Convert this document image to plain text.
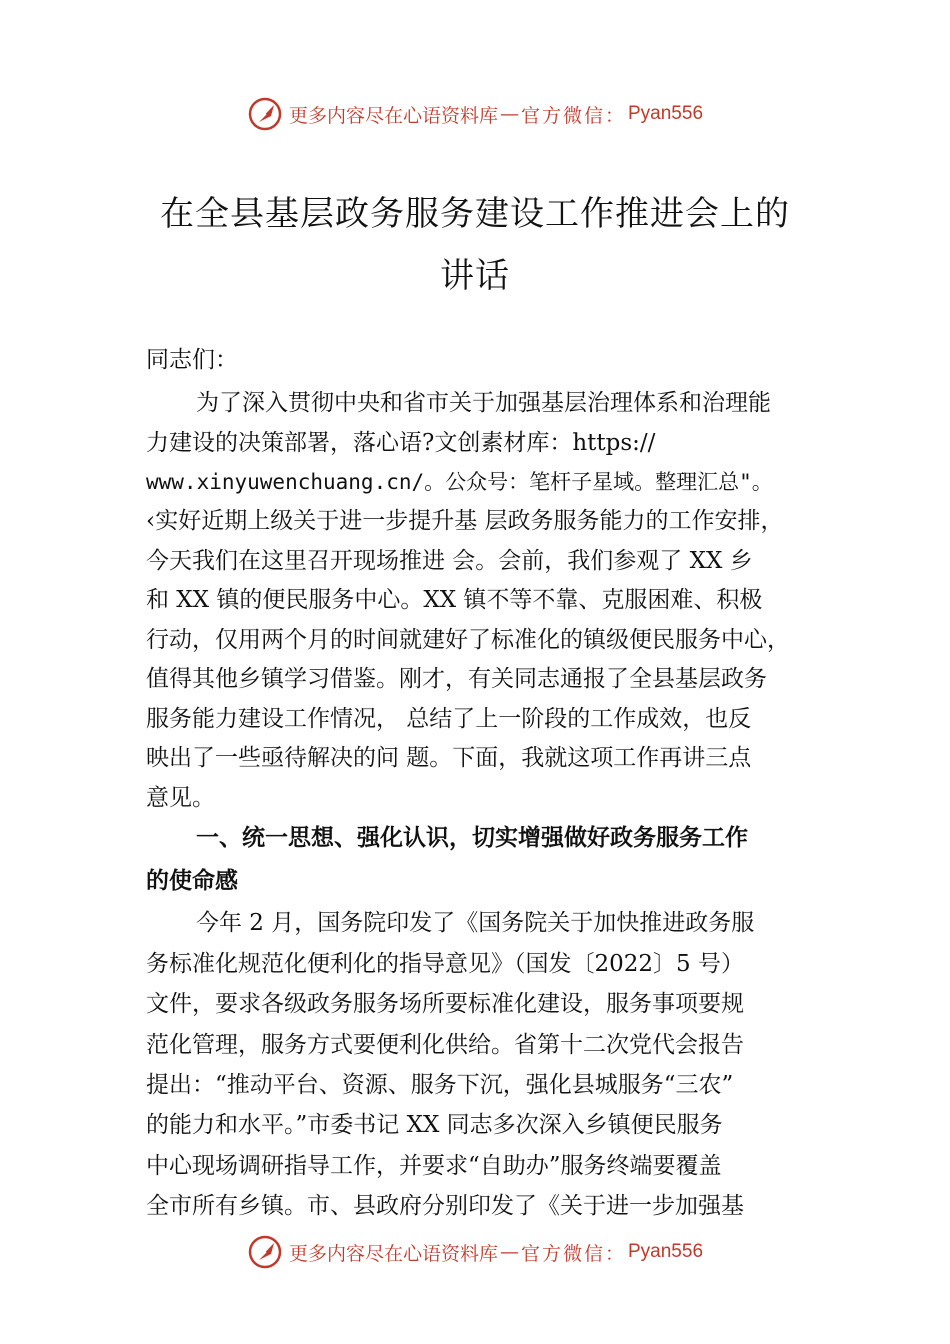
更多内容尽在心语资料库 — 官方微信： Pyan556
在全县基层政务服务建设工作推进会上的
讲话
同志们：
为了深入贯彻中央和省市关于加强基层治理体系和治理能
力建设的决策部署，落心语?文创素材库：https://
www.xinyuwenchuang.cn/。公众号：笔杆子星域。整理汇总"。
‹实好近期上级关于进一步提升基 层政务服务能力的工作安排，
今天我们在这里召开现场推进 会。会前，我们参观了 XX 乡
和 XX 镇的便民服务中心。XX 镇不等不靠、克服困难、积极
行动，仅用两个月的时间就建好了标准化的镇级便民服务中心，
值得其他乡镇学习借鉴。刚才，有关同志通报了全县基层政务
服务能力建设工作情况， 总结了上一阶段的工作成效，也反
映出了一些亟待解决的问 题。下面，我就这项工作再讲三点
意见。
一、统一思想、强化认识，切实增强做好政务服务工作
的使命感
今年 2 月，国务院印发了《国务院关于加快推进政务服
务标准化规范化便利化的指导意见》（国发〔2022〕5 号）
文件，要求各级政务服务场所要标准化建设，服务事项要规
范化管理，服务方式要便利化供给。省第十二次党代会报告
提出：“推动平台、资源、服务下沉，强化县城服务“三农”
的能力和水平。”市委书记 XX 同志多次深入乡镇便民服务
中心现场调研指导工作，并要求“自助办”服务终端要覆盖
全市所有乡镇。市、县政府分别印发了《关于进一步加强基
更多内容尽在心语资料库 — 官方微信： Pyan556
